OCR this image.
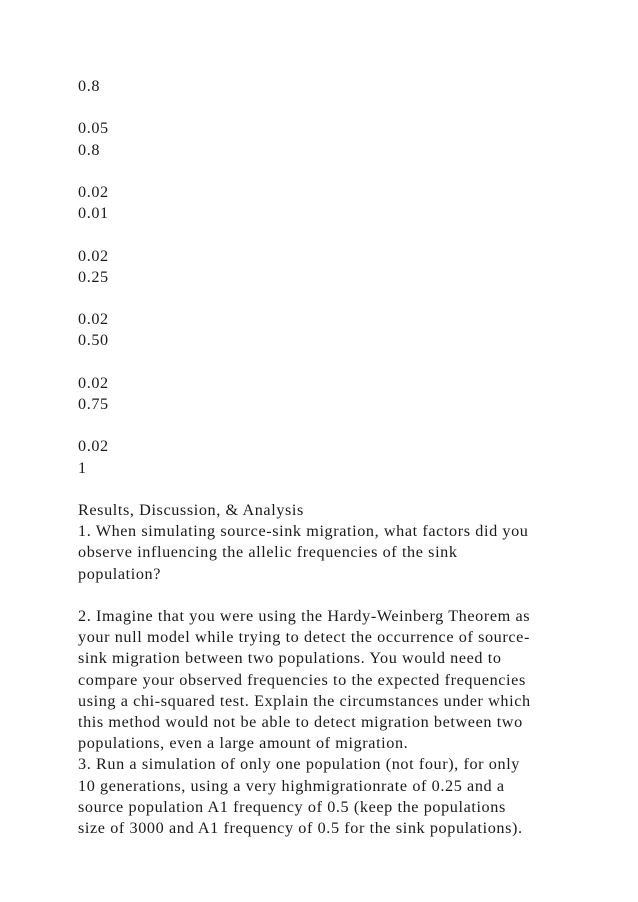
0.8
0.05
0.8
0.02
0.01
0.02
0.25
0.02
0.50
0.02
0.75
0.02
1
Results, Discussion, & Analysis
1. When simulating source-sink migration, what factors did you
observe influencing the allelic frequencies of the sink
population?
2. Imagine that you were using the Hardy-Weinberg Theorem as
your null model while trying to detect the occurrence of source-
sink migration between two populations. You would need to
compare your observed frequencies to the expected frequencies
using a chi-squared test. Explain the circumstances under which
this method would not be able to detect migration between two
populations, even a large amount of migration.
3. Run a simulation of only one population (not four), for only
10 generations, using a very highmigrationrate of 0.25 and a
source population A1 frequency of 0.5 (keep the populations
size of 3000 and A1 frequency of 0.5 for the sink populations).
